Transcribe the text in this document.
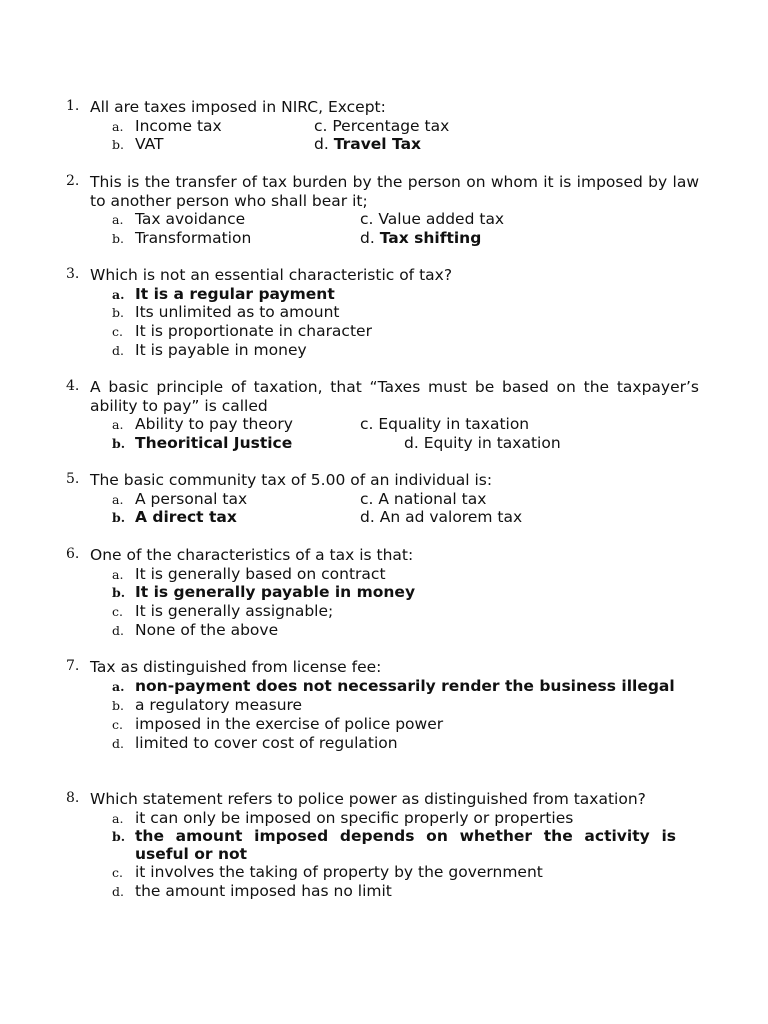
1. All are taxes imposed in NIRC, Except:
a. Income tax	c. Percentage tax
b. VAT	d. Travel Tax
2. This is the transfer of tax burden by the person on whom it is imposed by law to another person who shall bear it;
a. Tax avoidance	c. Value added tax
b. Transformation	d. Tax shifting
3. Which is not an essential characteristic of tax?
a. It is a regular payment
b. Its unlimited as to amount
c. It is proportionate in character
d. It is payable in money
4. A basic principle of taxation, that “Taxes must be based on the taxpayer’s ability to pay” is called
a. Ability to pay theory	c. Equality in taxation
b. Theoritical Justice	d. Equity in taxation
5. The basic community tax of 5.00 of an individual is:
a. A personal tax	c. A national tax
b. A direct tax	d. An ad valorem tax
6. One of the characteristics of a tax is that:
a. It is generally based on contract
b. It is generally payable in money
c. It is generally assignable;
d. None of the above
7. Tax as distinguished from license fee:
a. non-payment does not necessarily render the business illegal
b. a regulatory measure
c. imposed in the exercise of police power
d. limited to cover cost of regulation
8. Which statement refers to police power as distinguished from taxation?
a. it can only be imposed on specific properly or properties
b. the amount imposed depends on whether the activity is useful or not
c. it involves the taking of property by the government
d. the amount imposed has no limit
